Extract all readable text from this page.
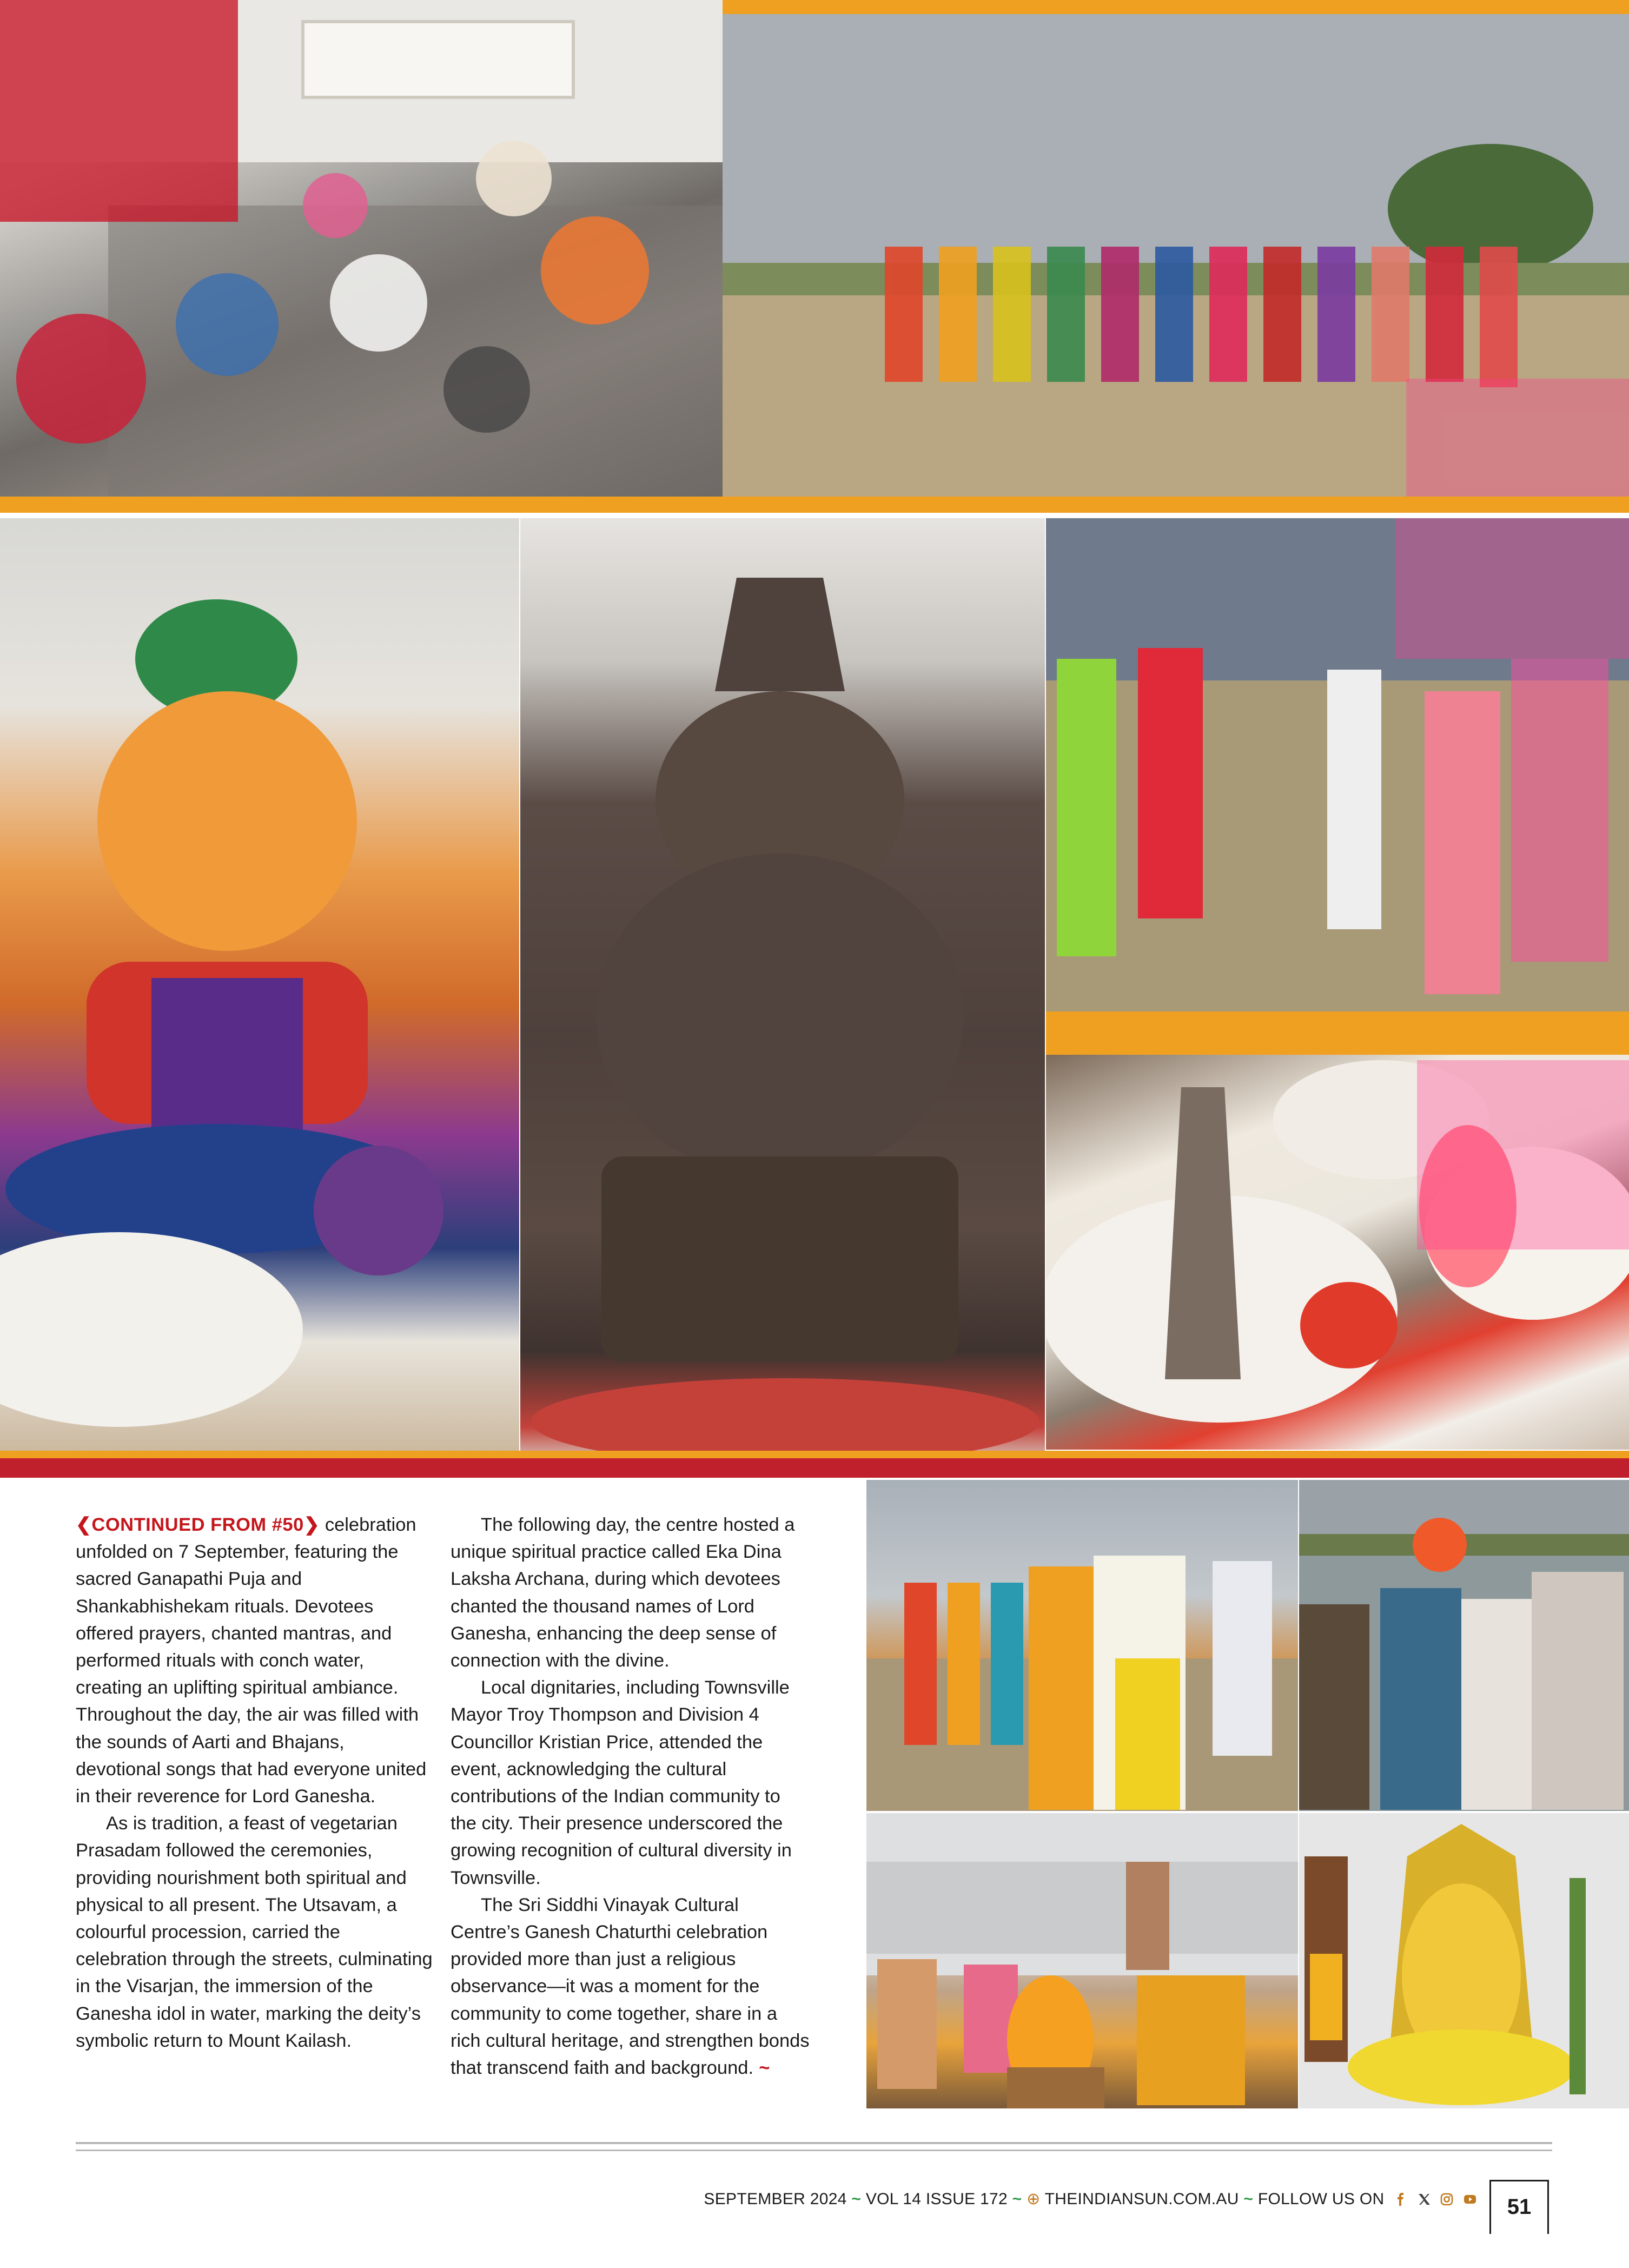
❮CONTINUED FROM #50❯ celebration unfolded on 7 September, featuring the sacred Ganapathi Puja and Shankabhishekam rituals. Devotees offered prayers, chanted mantras, and performed rituals with conch water, creating an uplifting spiritual ambiance. Throughout the day, the air was filled with the sounds of Aarti and Bhajans, devotional songs that had everyone united in their reverence for Lord Ganesha.

As is tradition, a feast of vegetarian Prasadam followed the ceremonies, providing nourishment both spiritual and physical to all present. The Utsavam, a colourful procession, carried the celebration through the streets, culminating in the Visarjan, the immersion of the Ganesha idol in water, marking the deity’s symbolic return to Mount Kailash.

The following day, the centre hosted a unique spiritual practice called Eka Dina Laksha Archana, during which devotees chanted the thousand names of Lord Ganesha, enhancing the deep sense of connection with the divine.

Local dignitaries, including Townsville Mayor Troy Thompson and Division 4 Councillor Kristian Price, attended the event, acknowledging the cultural contributions of the Indian community to the city. Their presence underscored the growing recognition of cultural diversity in Townsville.

The Sri Siddhi Vinayak Cultural Centre’s Ganesh Chaturthi celebration provided more than just a religious observance—it was a moment for the community to come together, share in a rich cultural heritage, and strengthen bonds that transcend faith and background. ~

SEPTEMBER 2024 ~ VOL 14 ISSUE 172 ~ ⊕ THEINDIANSUN.COM.AU ~ FOLLOW US ON	51
